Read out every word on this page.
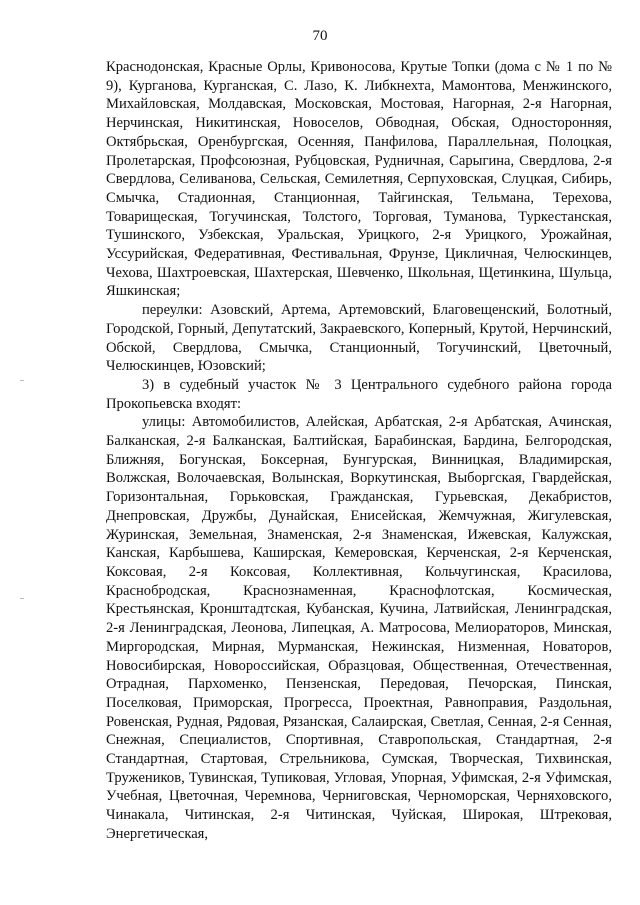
70

Краснодонская, Красные Орлы, Кривоносова, Крутые Топки (дома с № 1 по № 9), Курганова, Курганская, С. Лазо, К. Либкнехта, Мамонтова, Менжинского, Михайловская, Молдавская, Московская, Мостовая, Нагорная, 2-я Нагорная, Нерчинская, Никитинская, Новоселов, Обводная, Обская, Односторонняя, Октябрьская, Оренбургская, Осенняя, Панфилова, Параллельная, Полоцкая, Пролетарская, Профсоюзная, Рубцовская, Рудничная, Сарыгина, Свердлова, 2-я Свердлова, Селиванова, Сельская, Семилетняя, Серпуховская, Слуцкая, Сибирь, Смычка, Стадионная, Станционная, Тайгинская, Тельмана, Терехова, Товарищеская, Тогучинская, Толстого, Торговая, Туманова, Туркестанская, Тушинского, Узбекская, Уральская, Урицкого, 2-я Урицкого, Урожайная, Уссурийская, Федеративная, Фестивальная, Фрунзе, Цикличная, Челюскинцев, Чехова, Шахтроевская, Шахтерская, Шевченко, Школьная, Щетинкина, Шульца, Яшкинская;

переулки: Азовский, Артема, Артемовский, Благовещенский, Болотный, Городской, Горный, Депутатский, Закраевского, Коперный, Крутой, Нерчинский, Обской, Свердлова, Смычка, Станционный, Тогучинский, Цветочный, Челюскинцев, Юзовский;

3) в судебный участок № 3 Центрального судебного района города Прокопьевска входят:

улицы: Автомобилистов, Алейская, Арбатская, 2-я Арбатская, Ачинская, Балканская, 2-я Балканская, Балтийская, Барабинская, Бардина, Белгородская, Ближняя, Богунская, Боксерная, Бунгурская, Винницкая, Владимирская, Волжская, Волочаевская, Волынская, Воркутинская, Выборгская, Гвардейская, Горизонтальная, Горьковская, Гражданская, Гурьевская, Декабристов, Днепровская, Дружбы, Дунайская, Енисейская, Жемчужная, Жигулевская, Журинская, Земельная, Знаменская, 2-я Знаменская, Ижевская, Калужская, Канская, Карбышева, Каширская, Кемеровская, Керченская, 2-я Керченская, Коксовая, 2-я Коксовая, Коллективная, Кольчугинская, Красилова, Краснобродская, Краснознаменная, Краснофлотская, Космическая, Крестьянская, Кронштадтская, Кубанская, Кучина, Латвийская, Ленинградская, 2-я Ленинградская, Леонова, Липецкая, А. Матросова, Мелиораторов, Минская, Миргородская, Мирная, Мурманская, Нежинская, Низменная, Новаторов, Новосибирская, Новороссийская, Образцовая, Общественная, Отечественная, Отрадная, Пархоменко, Пензенская, Передовая, Печорская, Пинская, Поселковая, Приморская, Прогресса, Проектная, Равноправия, Раздольная, Ровенская, Рудная, Рядовая, Рязанская, Салаирская, Светлая, Сенная, 2-я Сенная, Снежная, Специалистов, Спортивная, Ставропольская, Стандартная, 2-я Стандартная, Стартовая, Стрельникова, Сумская, Творческая, Тихвинская, Тружеников, Тувинская, Тупиковая, Угловая, Упорная, Уфимская, 2-я Уфимская, Учебная, Цветочная, Черемнова, Черниговская, Черноморская, Черняховского, Чинакала, Читинская, 2-я Читинская, Чуйская, Широкая, Штрековая, Энергетическая,
